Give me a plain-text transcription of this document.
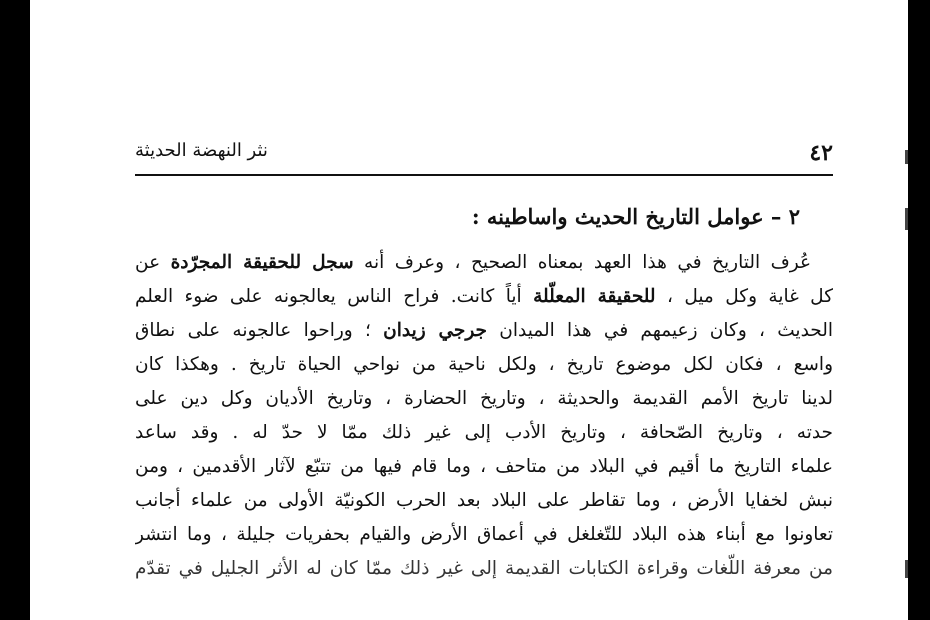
٤٢
نثر النهضة الحديثة
٢ – عوامل التاريخ الحديث واساطينه :
عُرف التاريخ في هذا العهد بمعناه الصحيح ، وعرف أنه سجل للحقيقة المجرّدة عن
كل غاية وكل ميل ، للحقيقة المعلّلة أياً كانت. فراح الناس يعالجونه على ضوء العلم
الحديث ، وكان زعيمهم في هذا الميدان جرجي زيدان ؛ وراحوا عالجونه على نطاق
واسع ، فكان لكل موضوع تاريخ ، ولكل ناحية من نواحي الحياة تاريخ . وهكذا كان
لدينا تاريخ الأمم القديمة والحديثة ، وتاريخ الحضارة ، وتاريخ الأديان وكل دين على
حدته ، وتاريخ الصّحافة ، وتاريخ الأدب إلى غير ذلك ممّا لا حدّ له . وقد ساعد
علماء التاريخ ما أقيم في البلاد من متاحف ، وما قام فيها من تتبّع لآثار الأقدمين ، ومن
نبش لخفايا الأرض ، وما تقاطر على البلاد بعد الحرب الكونيّة الأولى من علماء أجانب
تعاونوا مع أبناء هذه البلاد للتّغلغل في أعماق الأرض والقيام بحفريات جليلة ، وما انتشر
من معرفة اللّغات وقراءة الكتابات القديمة إلى غير ذلك ممّا كان له الأثر الجليل في تقدّم
